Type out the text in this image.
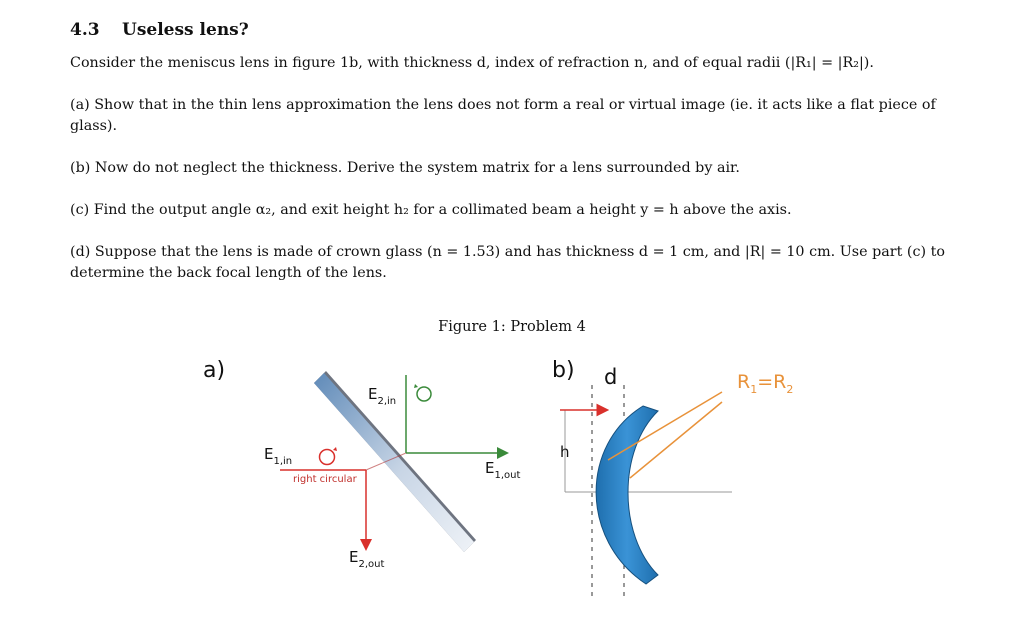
4.3 Useless lens?
Consider the meniscus lens in figure 1b, with thickness d, index of refraction n, and of equal radii (|R₁| = |R₂|).
(a) Show that in the thin lens approximation the lens does not form a real or virtual image (ie. it acts like a flat piece of glass).
(b) Now do not neglect the thickness. Derive the system matrix for a lens surrounded by air.
(c) Find the output angle α₂, and exit height h₂ for a collimated beam a height y = h above the axis.
(d) Suppose that the lens is made of crown glass (n = 1.53) and has thickness d = 1 cm, and |R| = 10 cm. Use part (c) to determine the back focal length of the lens.
Figure 1: Problem 4
a)
$E_{1,in}$
right circular
$E_{2,in}$
$E_{1,out}$
$E_{2,out}$
b) d
h
$R_1=R_2$
